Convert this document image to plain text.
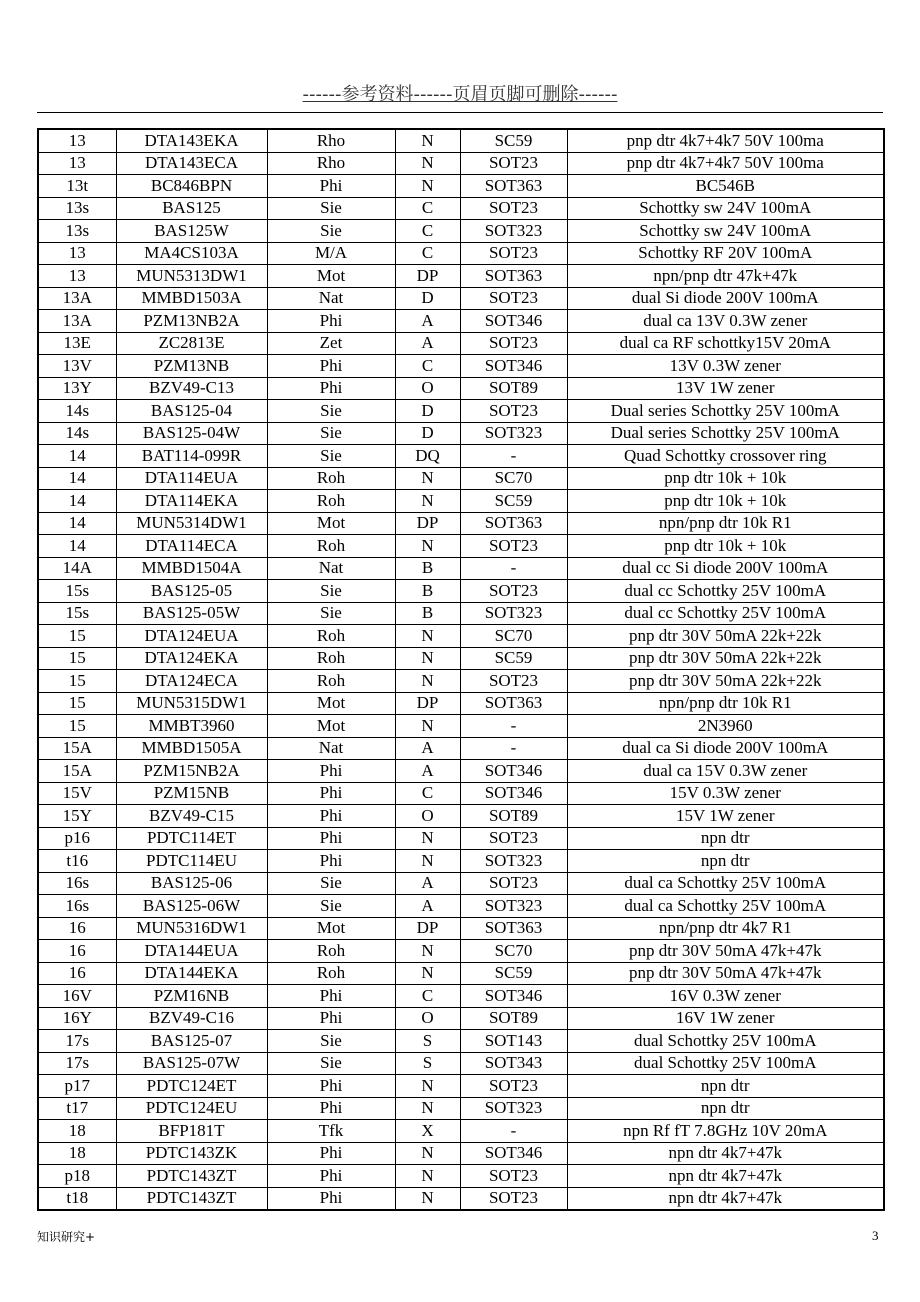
------参考资料------页眉页脚可删除------
13	DTA143EKA	Rho	N	SC59	pnp dtr 4k7+4k7 50V 100ma
13	DTA143ECA	Rho	N	SOT23	pnp dtr 4k7+4k7 50V 100ma
13t	BC846BPN	Phi	N	SOT363	BC546B
13s	BAS125	Sie	C	SOT23	Schottky sw 24V 100mA
13s	BAS125W	Sie	C	SOT323	Schottky sw 24V 100mA
13	MA4CS103A	M/A	C	SOT23	Schottky RF 20V 100mA
13	MUN5313DW1	Mot	DP	SOT363	npn/pnp dtr 47k+47k
13A	MMBD1503A	Nat	D	SOT23	dual Si diode 200V 100mA
13A	PZM13NB2A	Phi	A	SOT346	dual ca 13V 0.3W zener
13E	ZC2813E	Zet	A	SOT23	dual ca RF schottky15V 20mA
13V	PZM13NB	Phi	C	SOT346	13V 0.3W zener
13Y	BZV49-C13	Phi	O	SOT89	13V 1W zener
14s	BAS125-04	Sie	D	SOT23	Dual series Schottky 25V 100mA
14s	BAS125-04W	Sie	D	SOT323	Dual series Schottky 25V 100mA
14	BAT114-099R	Sie	DQ	-	Quad Schottky crossover ring
14	DTA114EUA	Roh	N	SC70	pnp dtr 10k + 10k
14	DTA114EKA	Roh	N	SC59	pnp dtr 10k + 10k
14	MUN5314DW1	Mot	DP	SOT363	npn/pnp dtr 10k R1
14	DTA114ECA	Roh	N	SOT23	pnp dtr 10k + 10k
14A	MMBD1504A	Nat	B	-	dual cc Si diode 200V 100mA
15s	BAS125-05	Sie	B	SOT23	dual cc Schottky 25V 100mA
15s	BAS125-05W	Sie	B	SOT323	dual cc Schottky 25V 100mA
15	DTA124EUA	Roh	N	SC70	pnp dtr 30V 50mA 22k+22k
15	DTA124EKA	Roh	N	SC59	pnp dtr 30V 50mA 22k+22k
15	DTA124ECA	Roh	N	SOT23	pnp dtr 30V 50mA 22k+22k
15	MUN5315DW1	Mot	DP	SOT363	npn/pnp dtr 10k R1
15	MMBT3960	Mot	N	-	2N3960
15A	MMBD1505A	Nat	A	-	dual ca Si diode 200V 100mA
15A	PZM15NB2A	Phi	A	SOT346	dual ca 15V 0.3W zener
15V	PZM15NB	Phi	C	SOT346	15V 0.3W zener
15Y	BZV49-C15	Phi	O	SOT89	15V 1W zener
p16	PDTC114ET	Phi	N	SOT23	npn dtr
t16	PDTC114EU	Phi	N	SOT323	npn dtr
16s	BAS125-06	Sie	A	SOT23	dual ca Schottky 25V 100mA
16s	BAS125-06W	Sie	A	SOT323	dual ca Schottky 25V 100mA
16	MUN5316DW1	Mot	DP	SOT363	npn/pnp dtr 4k7 R1
16	DTA144EUA	Roh	N	SC70	pnp dtr 30V 50mA 47k+47k
16	DTA144EKA	Roh	N	SC59	pnp dtr 30V 50mA 47k+47k
16V	PZM16NB	Phi	C	SOT346	16V 0.3W zener
16Y	BZV49-C16	Phi	O	SOT89	16V 1W zener
17s	BAS125-07	Sie	S	SOT143	dual Schottky 25V 100mA
17s	BAS125-07W	Sie	S	SOT343	dual Schottky 25V 100mA
p17	PDTC124ET	Phi	N	SOT23	npn dtr
t17	PDTC124EU	Phi	N	SOT323	npn dtr
18	BFP181T	Tfk	X	-	npn Rf fT 7.8GHz 10V 20mA
18	PDTC143ZK	Phi	N	SOT346	npn dtr 4k7+47k
p18	PDTC143ZT	Phi	N	SOT23	npn dtr 4k7+47k
t18	PDTC143ZT	Phi	N	SOT23	npn dtr 4k7+47k
知识研究+	3
